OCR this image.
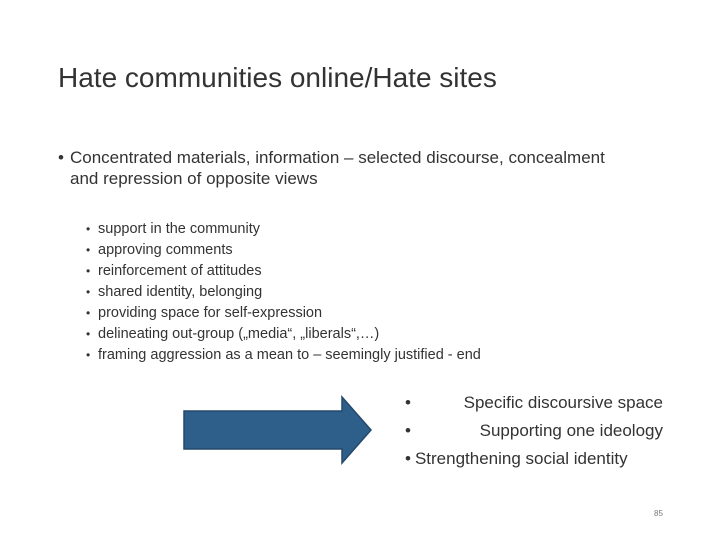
Hate communities online/Hate sites
• Concentrated materials, information – selected discourse, concealment and repression of opposite views
• support in the community
• approving comments
• reinforcement of attitudes
• shared identity, belonging
• providing space for self-expression
• delineating out-group („media“, „liberals“,…)
• framing aggression as a mean to – seemingly justified - end
•	Specific discoursive space
•	Supporting one ideology
• Strengthening social identity
85
